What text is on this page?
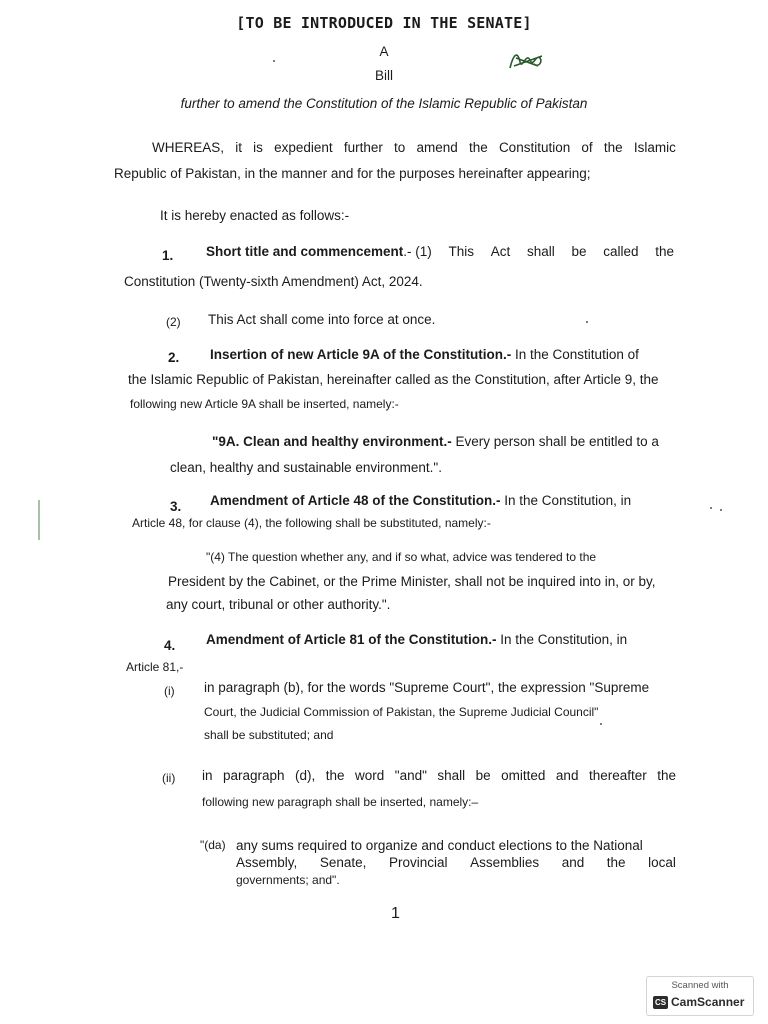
[TO BE INTRODUCED IN THE SENATE]
A
Bill
further to amend the Constitution of the Islamic Republic of Pakistan
WHEREAS, it is expedient further to amend the Constitution of the Islamic
Republic of Pakistan, in the manner and for the purposes hereinafter appearing;
It is hereby enacted as follows:-
1. Short title and commencement .- (1) This Act shall be called the
Constitution (Twenty-sixth Amendment) Act, 2024.
(2) This Act shall come into force at once.
2. Insertion of new Article 9A of the Constitution.- In the Constitution of
the Islamic Republic of Pakistan, hereinafter called as the Constitution, after Article 9, the
following new Article 9A shall be inserted, namely:-
"9A. Clean and healthy environment.- Every person shall be entitled to a
clean, healthy and sustainable environment.".
3. Amendment of Article 48 of the Constitution.- In the Constitution, in
Article 48, for clause (4), the following shall be substituted, namely:-
"(4) The question whether any, and if so what, advice was tendered to the
President by the Cabinet, or the Prime Minister, shall not be inquired into in, or by,
any court, tribunal or other authority.".
4. Amendment of Article 81 of the Constitution.- In the Constitution, in
Article 81,-
(i) in paragraph (b), for the words "Supreme Court", the expression "Supreme
Court, the Judicial Commission of Pakistan, the Supreme Judicial Council"
shall be substituted; and
(ii) in paragraph (d), the word "and" shall be omitted and thereafter the
following new paragraph shall be inserted, namely:–
"(da) any sums required to organize and conduct elections to the National
Assembly, Senate, Provincial Assemblies and the local
governments; and".
1
Scanned with
CS CamScanner
